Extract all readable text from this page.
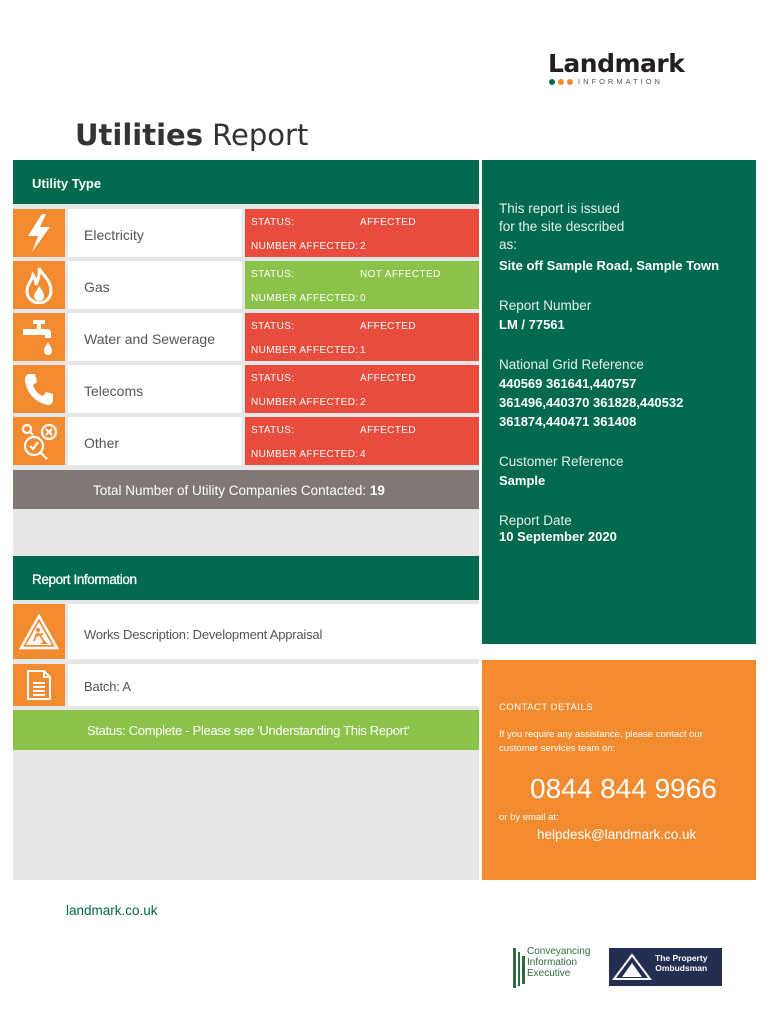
Landmark
INFORMATION
Utilities Report
Utility Type
Electricity
STATUS:	AFFECTED
NUMBER AFFECTED: 2
Gas
STATUS:	NOT AFFECTED
NUMBER AFFECTED: 0
Water and Sewerage
STATUS:	AFFECTED
NUMBER AFFECTED: 1
Telecoms
STATUS:	AFFECTED
NUMBER AFFECTED: 2
Other
STATUS:	AFFECTED
NUMBER AFFECTED: 4
Total Number of Utility Companies Contacted: 19
Report Information
Works Description: Development Appraisal
Batch: A
Status: Complete - Please see 'Understanding This Report'
This report is issued for the site described as:
Site off Sample Road, Sample Town
Report Number
LM / 77561
National Grid Reference
440569 361641,440757
361496,440370 361828,440532
361874,440471 361408
Customer Reference
Sample
Report Date
10 September 2020
CONTACT DETAILS
If you require any assistance, please contact our customer services team on:
0844 844 9966
or by email at:
helpdesk@landmark.co.uk
landmark.co.uk
Conveyancing
Information
Executive
The Property
Ombudsman
